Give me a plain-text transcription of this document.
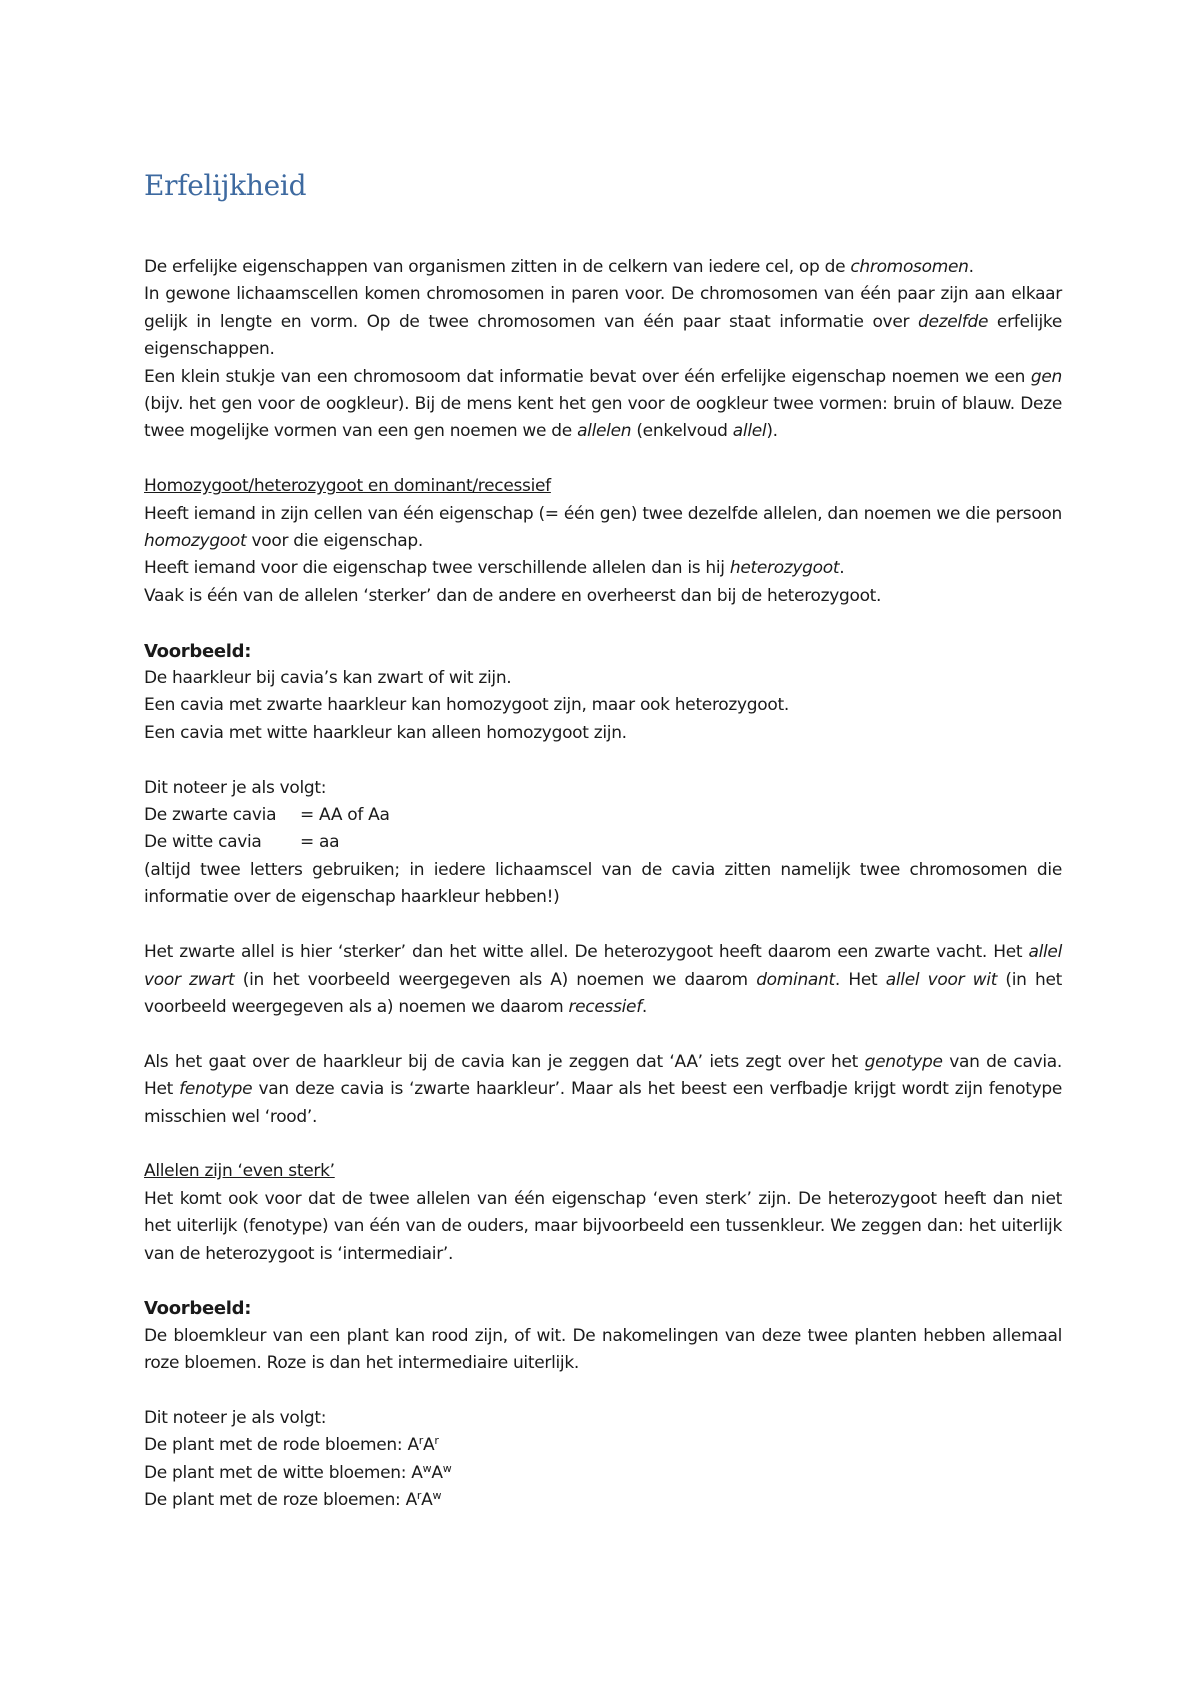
Erfelijkheid

De erfelijke eigenschappen van organismen zitten in de celkern van iedere cel, op de chromosomen.

In gewone lichaamscellen komen chromosomen in paren voor. De chromosomen van één paar zijn aan elkaar gelijk in lengte en vorm. Op de twee chromosomen van één paar staat informatie over dezelfde erfelijke eigenschappen.

Een klein stukje van een chromosoom dat informatie bevat over één erfelijke eigenschap noemen we een gen (bijv. het gen voor de oogkleur). Bij de mens kent het gen voor de oogkleur twee vormen: bruin of blauw. Deze twee mogelijke vormen van een gen noemen we de allelen (enkelvoud allel).

Homozygoot/heterozygoot en dominant/recessief

Heeft iemand in zijn cellen van één eigenschap (= één gen) twee dezelfde allelen, dan noemen we die persoon homozygoot voor die eigenschap.

Heeft iemand voor die eigenschap twee verschillende allelen dan is hij heterozygoot.

Vaak is één van de allelen ‘sterker’ dan de andere en overheerst dan bij de heterozygoot.

Voorbeeld:

De haarkleur bij cavia’s kan zwart of wit zijn.

Een cavia met zwarte haarkleur kan homozygoot zijn, maar ook heterozygoot.

Een cavia met witte haarkleur kan alleen homozygoot zijn.

Dit noteer je als volgt:

De zwarte cavia = AA of Aa

De witte cavia = aa

(altijd twee letters gebruiken; in iedere lichaamscel van de cavia zitten namelijk twee chromosomen die informatie over de eigenschap haarkleur hebben!)

Het zwarte allel is hier ‘sterker’ dan het witte allel. De heterozygoot heeft daarom een zwarte vacht. Het allel voor zwart (in het voorbeeld weergegeven als A) noemen we daarom dominant. Het allel voor wit (in het voorbeeld weergegeven als a) noemen we daarom recessief.

Als het gaat over de haarkleur bij de cavia kan je zeggen dat ‘AA’ iets zegt over het genotype van de cavia. Het fenotype van deze cavia is ‘zwarte haarkleur’. Maar als het beest een verfbadje krijgt wordt zijn fenotype misschien wel ‘rood’.

Allelen zijn ‘even sterk’

Het komt ook voor dat de twee allelen van één eigenschap ‘even sterk’ zijn. De heterozygoot heeft dan niet het uiterlijk (fenotype) van één van de ouders, maar bijvoorbeeld een tussenkleur. We zeggen dan: het uiterlijk van de heterozygoot is ‘intermediair’.

Voorbeeld:

De bloemkleur van een plant kan rood zijn, of wit. De nakomelingen van deze twee planten hebben allemaal roze bloemen. Roze is dan het intermediaire uiterlijk.

Dit noteer je als volgt:

De plant met de rode bloemen: $A^rA^r$

De plant met de witte bloemen: $A^wA^w$

De plant met de roze bloemen: $A^rA^w$
